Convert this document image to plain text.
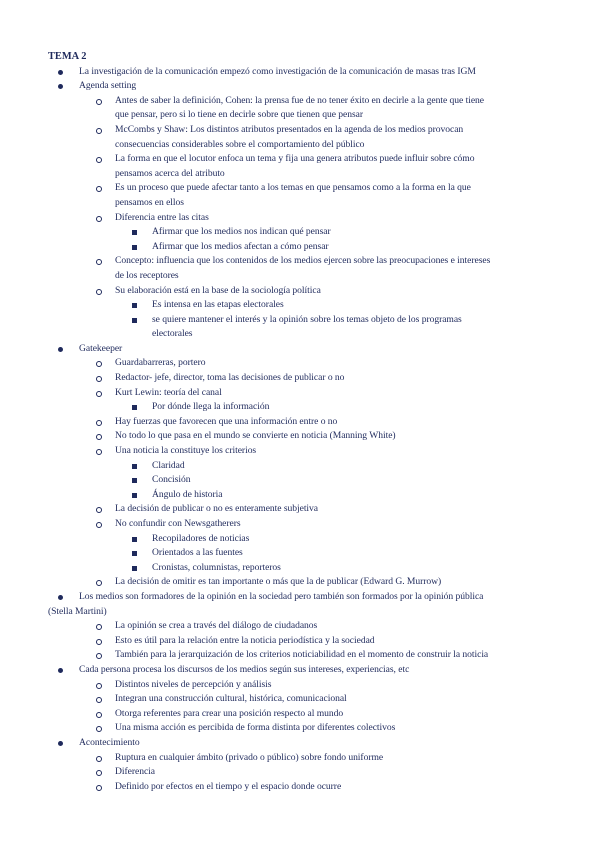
TEMA 2

La investigación de la comunicación empezó como investigación de la comunicación de masas tras IGM
Agenda setting
Antes de saber la definición, Cohen: la prensa fue de no tener éxito en decirle a la gente que tiene
que pensar, pero si lo tiene en decirle sobre que tienen que pensar
McCombs y Shaw: Los distintos atributos presentados en la agenda de los medios provocan
consecuencias considerables sobre el comportamiento del público
La forma en que el locutor enfoca un tema y fija una genera atributos puede influir sobre cómo
pensamos acerca del atributo
Es un proceso que puede afectar tanto a los temas en que pensamos como a la forma en la que
pensamos en ellos
Diferencia entre las citas
Afirmar que los medios nos indican qué pensar
Afirmar que los medios afectan a cómo pensar
Concepto: influencia que los contenidos de los medios ejercen sobre las preocupaciones e intereses
de los receptores
Su elaboración está en la base de la sociología política
Es intensa en las etapas electorales
se quiere mantener el interés y la opinión sobre los temas objeto de los programas
electorales
Gatekeeper
Guardabarreras, portero
Redactor- jefe, director, toma las decisiones de publicar o no
Kurt Lewin: teoría del canal
Por dónde llega la información
Hay fuerzas que favorecen que una información entre o no
No todo lo que pasa en el mundo se convierte en noticia (Manning White)
Una noticia la constituye los criterios
Claridad
Concisión
Ángulo de historia
La decisión de publicar o no es enteramente subjetiva
No confundir con Newsgatherers
Recopiladores de noticias
Orientados a las fuentes
Cronistas, columnistas, reporteros
La decisión de omitir es tan importante o más que la de publicar (Edward G. Murrow)
Los medios son formadores de la opinión en la sociedad pero también son formados por la opinión pública
(Stella Martini)
La opinión se crea a través del diálogo de ciudadanos
Esto es útil para la relación entre la noticia periodística y la sociedad
También para la jerarquización de los criterios noticiabilidad en el momento de construir la noticia
Cada persona procesa los discursos de los medios según sus intereses, experiencias, etc
Distintos niveles de percepción y análisis
Integran una construcción cultural, histórica, comunicacional
Otorga referentes para crear una posición respecto al mundo
Una misma acción es percibida de forma distinta por diferentes colectivos
Acontecimiento
Ruptura en cualquier ámbito (privado o público) sobre fondo uniforme
Diferencia
Definido por efectos en el tiempo y el espacio donde ocurre
